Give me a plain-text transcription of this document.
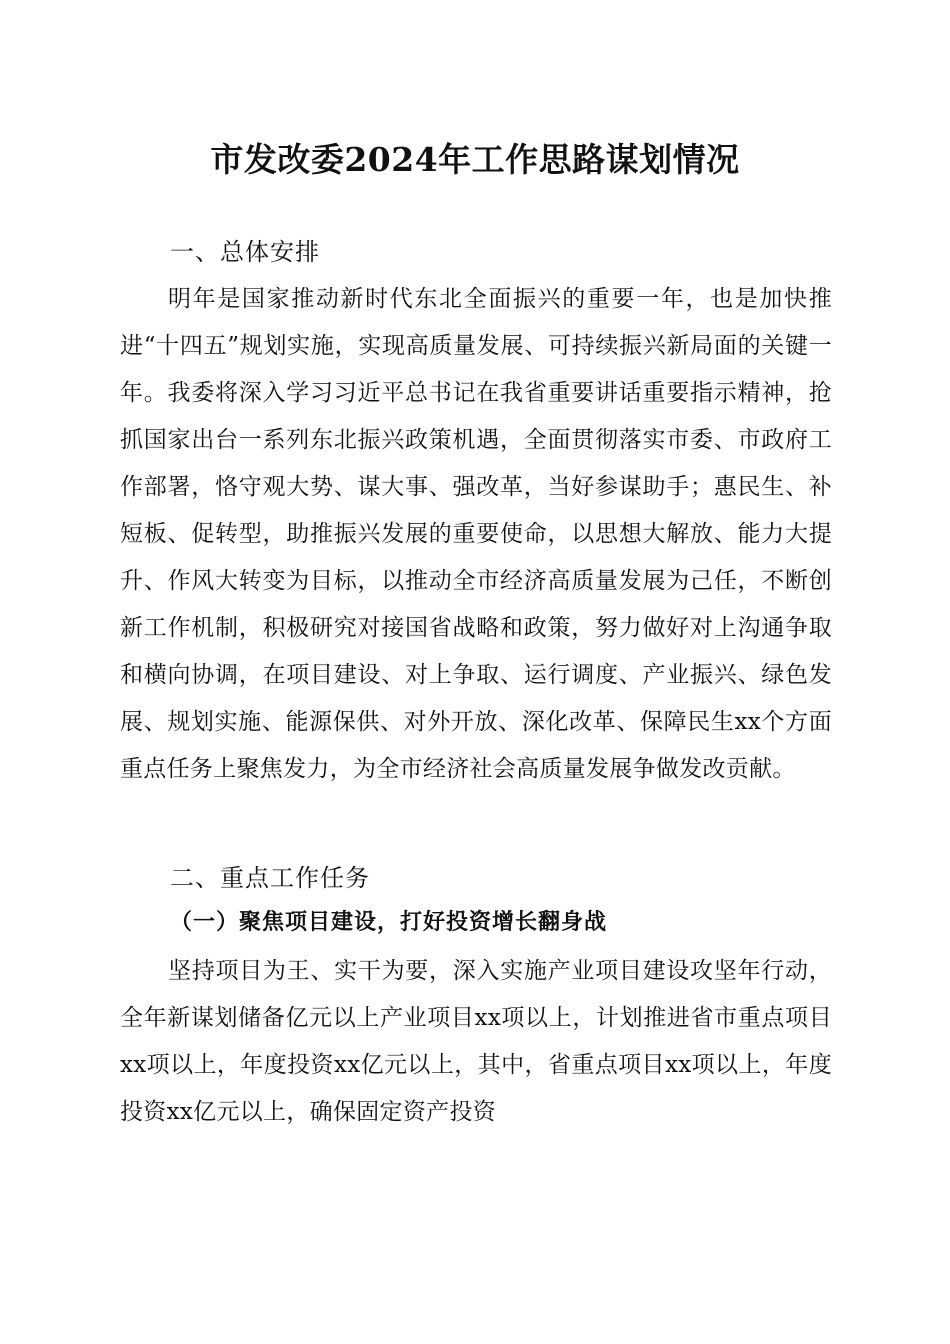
市发改委2024年工作思路谋划情况
一、总体安排

明年是国家推动新时代东北全面振兴的重要一年，也是加快推进“十四五”规划实施，实现高质量发展、可持续振兴新局面的关键一年。我委将深入学习习近平总书记在我省重要讲话重要指示精神，抢抓国家出台一系列东北振兴政策机遇，全面贯彻落实市委、市政府工作部署，恪守观大势、谋大事、强改革，当好参谋助手；惠民生、补短板、促转型，助推振兴发展的重要使命，以思想大解放、能力大提升、作风大转变为目标，以推动全市经济高质量发展为己任，不断创新工作机制，积极研究对接国省战略和政策，努力做好对上沟通争取和横向协调，在项目建设、对上争取、运行调度、产业振兴、绿色发展、规划实施、能源保供、对外开放、深化改革、保障民生xx个方面重点任务上聚焦发力，为全市经济社会高质量发展争做发改贡献。

二、重点工作任务
（一）聚焦项目建设，打好投资增长翻身战

坚持项目为王、实干为要，深入实施产业项目建设攻坚年行动，全年新谋划储备亿元以上产业项目xx项以上，计划推进省市重点项目xx项以上，年度投资xx亿元以上，其中，省重点项目xx项以上，年度投资xx亿元以上，确保固定资产投资
